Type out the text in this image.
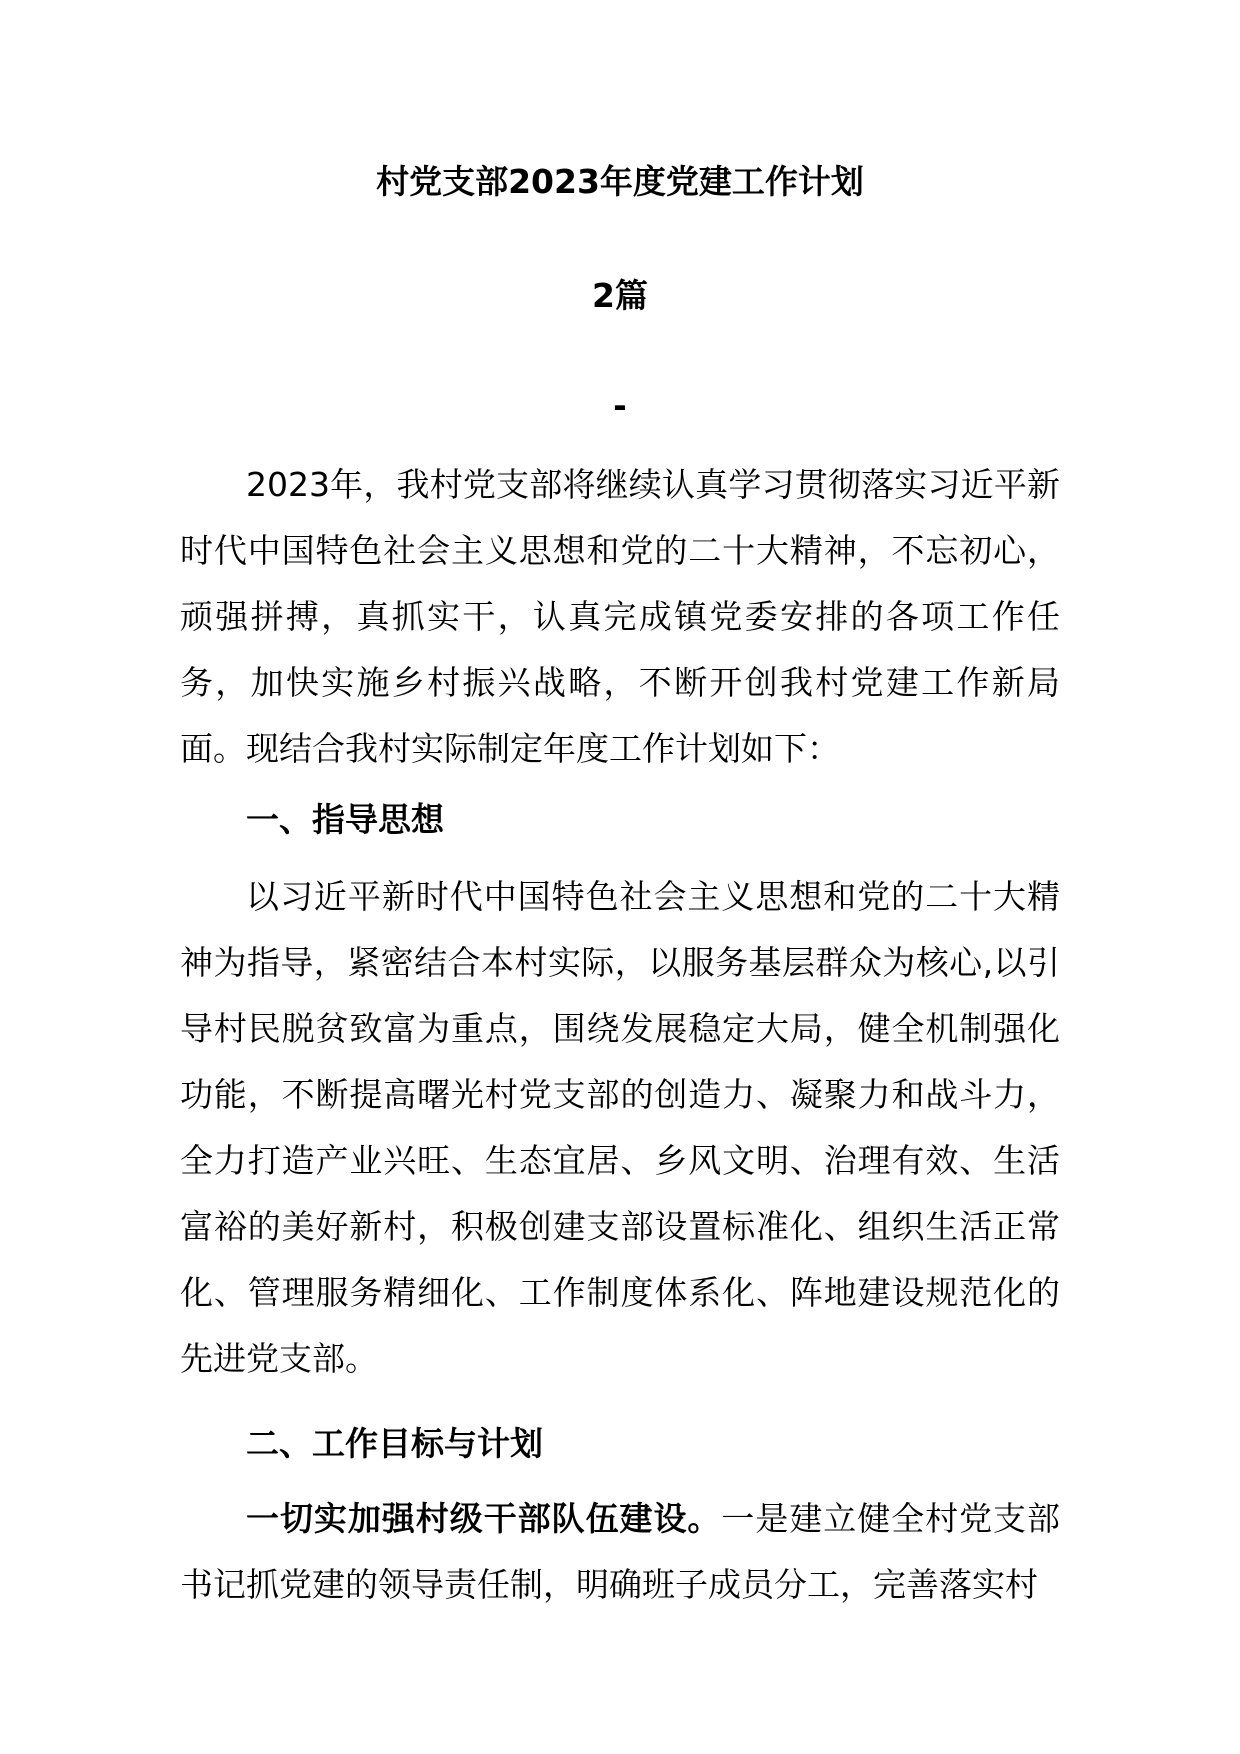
村党支部2023年度党建工作计划
2篇
-

2023年，我村党支部将继续认真学习贯彻落实习近平新时代中国特色社会主义思想和党的二十大精神，不忘初心，顽强拼搏，真抓实干，认真完成镇党委安排的各项工作任务，加快实施乡村振兴战略，不断开创我村党建工作新局面。现结合我村实际制定年度工作计划如下：

一、指导思想

以习近平新时代中国特色社会主义思想和党的二十大精神为指导，紧密结合本村实际，以服务基层群众为核心,以引导村民脱贫致富为重点，围绕发展稳定大局，健全机制强化功能，不断提高曙光村党支部的创造力、凝聚力和战斗力，全力打造产业兴旺、生态宜居、乡风文明、治理有效、生活富裕的美好新村，积极创建支部设置标准化、组织生活正常化、管理服务精细化、工作制度体系化、阵地建设规范化的先进党支部。

二、工作目标与计划

一切实加强村级干部队伍建设。一是建立健全村党支部书记抓党建的领导责任制，明确班子成员分工，完善落实村
